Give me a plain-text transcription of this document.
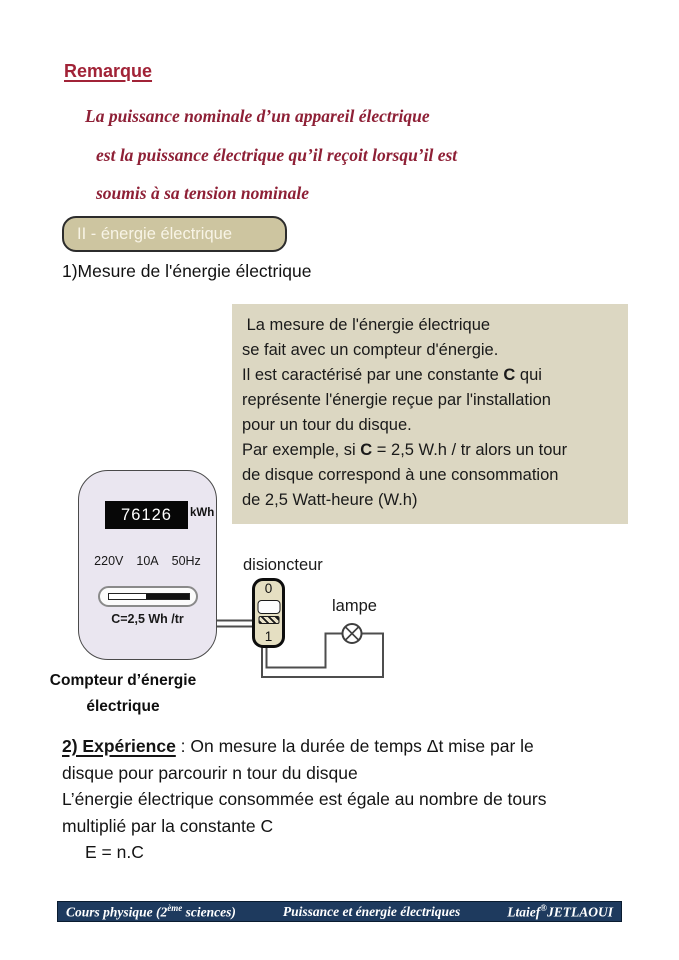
Remarque
La puissance nominale d’un appareil électrique
est la puissance électrique qu’il reçoit lorsqu’il est
soumis à sa tension nominale
II - énergie électrique
1)Mesure de l'énergie électrique
La mesure de l'énergie électrique
se fait avec un compteur d'énergie.
Il est caractérisé par une constante C qui
représente l'énergie reçue par l'installation
pour un tour du disque.
Par exemple, si C = 2,5 W.h / tr alors un tour
de disque correspond à une consommation
de 2,5 Watt-heure (W.h)
76126	kWh
220V 10A 50Hz
C=2,5 Wh /tr
Compteur d’énergie
électrique
disioncteur
0
1
lampe
2) Expérience : On mesure la durée de temps Δt mise par le
disque pour parcourir n tour du disque
L’énergie électrique consommée est égale au nombre de tours
multiplié par la constante C
E = n.C
Cours physique (2ème sciences)	Puissance et énergie électriques	Ltaief®JETLAOUI
